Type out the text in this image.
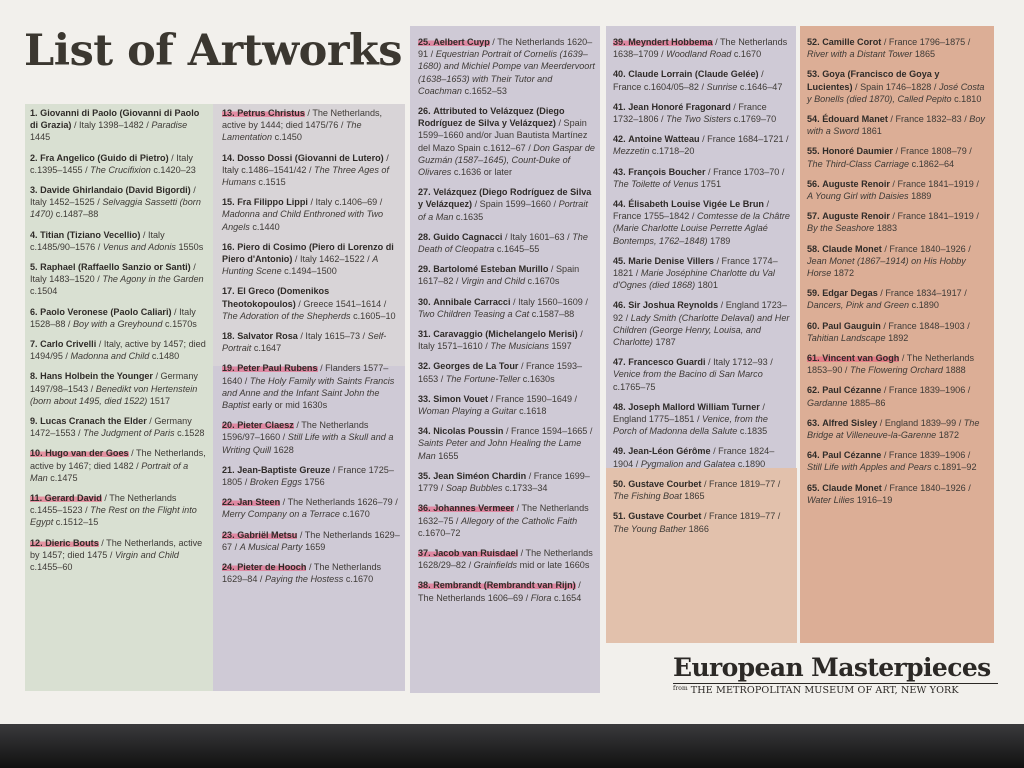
List of Artworks

1. Giovanni di Paolo (Giovanni di Paolo di Grazia) / Italy 1398–1482 / Paradise 1445

2. Fra Angelico (Guido di Pietro) / Italy c.1395–1455 / The Crucifixion c.1420–23

3. Davide Ghirlandaio (David Bigordi) / Italy 1452–1525 / Selvaggia Sassetti (born 1470) c.1487–88

4. Titian (Tiziano Vecellio) / Italy c.1485/90–1576 / Venus and Adonis 1550s

5. Raphael (Raffaello Sanzio or Santi) / Italy 1483–1520 / The Agony in the Garden c.1504

6. Paolo Veronese (Paolo Caliari) / Italy 1528–88 / Boy with a Greyhound c.1570s

7. Carlo Crivelli / Italy, active by 1457; died 1494/95 / Madonna and Child c.1480

8. Hans Holbein the Younger / Germany 1497/98–1543 / Benedikt von Hertenstein (born about 1495, died 1522) 1517

9. Lucas Cranach the Elder / Germany 1472–1553 / The Judgment of Paris c.1528

10. Hugo van der Goes / The Netherlands, active by 1467; died 1482 / Portrait of a Man c.1475

11. Gerard David / The Netherlands c.1455–1523 / The Rest on the Flight into Egypt c.1512–15

12. Dieric Bouts / The Netherlands, active by 1457; died 1475 / Virgin and Child c.1455–60

13. Petrus Christus / The Netherlands, active by 1444; died 1475/76 / The Lamentation c.1450

14. Dosso Dossi (Giovanni de Lutero) / Italy c.1486–1541/42 / The Three Ages of Humans c.1515

15. Fra Filippo Lippi / Italy c.1406–69 / Madonna and Child Enthroned with Two Angels c.1440

16. Piero di Cosimo (Piero di Lorenzo di Piero d'Antonio) / Italy 1462–1522 / A Hunting Scene c.1494–1500

17. El Greco (Domenikos Theotokopoulos) / Greece 1541–1614 / The Adoration of the Shepherds c.1605–10

18. Salvator Rosa / Italy 1615–73 / Self-Portrait c.1647

19. Peter Paul Rubens / Flanders 1577–1640 / The Holy Family with Saints Francis and Anne and the Infant Saint John the Baptist early or mid 1630s

20. Pieter Claesz / The Netherlands 1596/97–1660 / Still Life with a Skull and a Writing Quill 1628

21. Jean-Baptiste Greuze / France 1725–1805 / Broken Eggs 1756

22. Jan Steen / The Netherlands 1626–79 / Merry Company on a Terrace c.1670

23. Gabriël Metsu / The Netherlands 1629–67 / A Musical Party 1659

24. Pieter de Hooch / The Netherlands 1629–84 / Paying the Hostess c.1670

25. Aelbert Cuyp / The Netherlands 1620–91 / Equestrian Portrait of Cornelis (1639–1680) and Michiel Pompe van Meerdervoort (1638–1653) with Their Tutor and Coachman c.1652–53

26. Attributed to Velázquez (Diego Rodríguez de Silva y Velázquez) / Spain 1599–1660 and/or Juan Bautista Martínez del Mazo Spain c.1612–67 / Don Gaspar de Guzmán (1587–1645), Count-Duke of Olivares c.1636 or later

27. Velázquez (Diego Rodríguez de Silva y Velázquez) / Spain 1599–1660 / Portrait of a Man c.1635

28. Guido Cagnacci / Italy 1601–63 / The Death of Cleopatra c.1645–55

29. Bartolomé Esteban Murillo / Spain 1617–82 / Virgin and Child c.1670s

30. Annibale Carracci / Italy 1560–1609 / Two Children Teasing a Cat c.1587–88

31. Caravaggio (Michelangelo Merisi) / Italy 1571–1610 / The Musicians 1597

32. Georges de La Tour / France 1593–1653 / The Fortune-Teller c.1630s

33. Simon Vouet / France 1590–1649 / Woman Playing a Guitar c.1618

34. Nicolas Poussin / France 1594–1665 / Saints Peter and John Healing the Lame Man 1655

35. Jean Siméon Chardin / France 1699–1779 / Soap Bubbles c.1733–34

36. Johannes Vermeer / The Netherlands 1632–75 / Allegory of the Catholic Faith c.1670–72

37. Jacob van Ruisdael / The Netherlands 1628/29–82 / Grainfields mid or late 1660s

38. Rembrandt (Rembrandt van Rijn) / The Netherlands 1606–69 / Flora c.1654

39. Meyndert Hobbema / The Netherlands 1638–1709 / Woodland Road c.1670

40. Claude Lorrain (Claude Gelée) / France c.1604/05–82 / Sunrise c.1646–47

41. Jean Honoré Fragonard / France 1732–1806 / The Two Sisters c.1769–70

42. Antoine Watteau / France 1684–1721 / Mezzetin c.1718–20

43. François Boucher / France 1703–70 / The Toilette of Venus 1751

44. Élisabeth Louise Vigée Le Brun / France 1755–1842 / Comtesse de la Châtre (Marie Charlotte Louise Perrette Aglaé Bontemps, 1762–1848) 1789

45. Marie Denise Villers / France 1774–1821 / Marie Joséphine Charlotte du Val d'Ognes (died 1868) 1801

46. Sir Joshua Reynolds / England 1723–92 / Lady Smith (Charlotte Delaval) and Her Children (George Henry, Louisa, and Charlotte) 1787

47. Francesco Guardi / Italy 1712–93 / Venice from the Bacino di San Marco c.1765–75

48. Joseph Mallord William Turner / England 1775–1851 / Venice, from the Porch of Madonna della Salute c.1835

49. Jean-Léon Gérôme / France 1824–1904 / Pygmalion and Galatea c.1890

50. Gustave Courbet / France 1819–77 / The Fishing Boat 1865

51. Gustave Courbet / France 1819–77 / The Young Bather 1866

52. Camille Corot / France 1796–1875 / River with a Distant Tower 1865

53. Goya (Francisco de Goya y Lucientes) / Spain 1746–1828 / José Costa y Bonells (died 1870), Called Pepito c.1810

54. Édouard Manet / France 1832–83 / Boy with a Sword 1861

55. Honoré Daumier / France 1808–79 / The Third-Class Carriage c.1862–64

56. Auguste Renoir / France 1841–1919 / A Young Girl with Daisies 1889

57. Auguste Renoir / France 1841–1919 / By the Seashore 1883

58. Claude Monet / France 1840–1926 / Jean Monet (1867–1914) on His Hobby Horse 1872

59. Edgar Degas / France 1834–1917 / Dancers, Pink and Green c.1890

60. Paul Gauguin / France 1848–1903 / Tahitian Landscape 1892

61. Vincent van Gogh / The Netherlands 1853–90 / The Flowering Orchard 1888

62. Paul Cézanne / France 1839–1906 / Gardanne 1885–86

63. Alfred Sisley / England 1839–99 / The Bridge at Villeneuve-la-Garenne 1872

64. Paul Cézanne / France 1839–1906 / Still Life with Apples and Pears c.1891–92

65. Claude Monet / France 1840–1926 / Water Lilies 1916–19

European Masterpieces
$^{from}$ THE METROPOLITAN MUSEUM OF ART, NEW YORK
